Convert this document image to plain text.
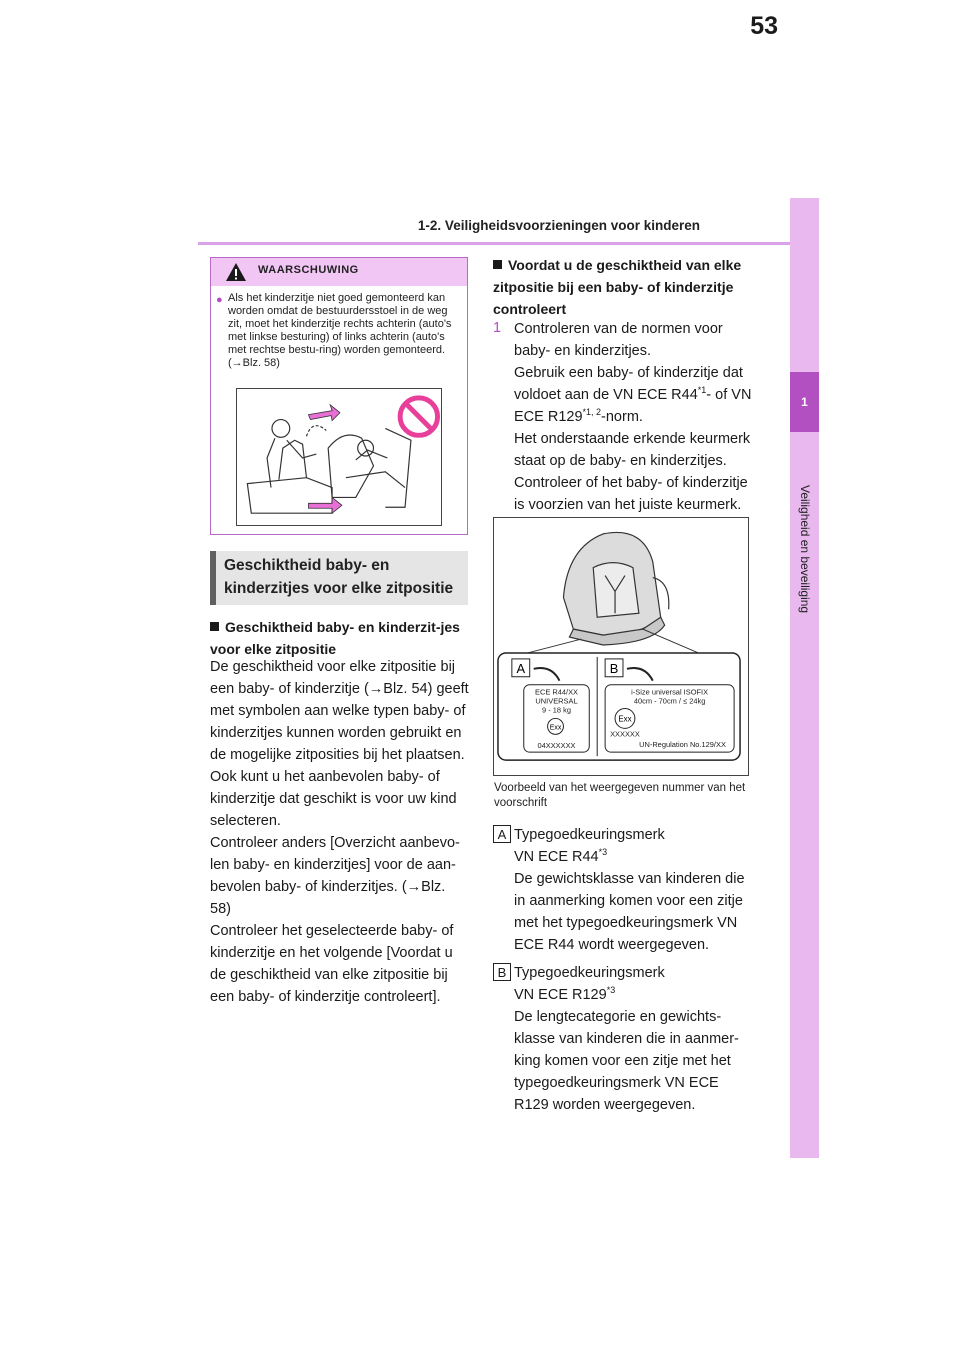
53
1-2. Veiligheidsvoorzieningen voor kinderen
1
Veiligheid en beveiliging
WAARSCHUWING
● Als het kinderzitje niet goed gemonteerd kan worden omdat de bestuurdersstoel in de weg zit, moet het kinderzitje rechts achterin (auto's met linkse besturing) of links achterin (auto's met rechtse bestu-ring) worden gemonteerd. (→Blz. 58)
Geschiktheid baby- en kinderzitjes voor elke zitpositie
Geschiktheid baby- en kinderzit-jes voor elke zitpositie
De geschiktheid voor elke zitpositie bij een baby- of kinderzitje (→Blz. 54) geeft met symbolen aan welke typen baby- of kinderzitjes kunnen worden gebruikt en de mogelijke zitposities bij het plaatsen.
Ook kunt u het aanbevolen baby- of kinderzitje dat geschikt is voor uw kind selecteren.
Controleer anders [Overzicht aanbevo-len baby- en kinderzitjes] voor de aan-bevolen baby- of kinderzitjes. (→Blz. 58)
Controleer het geselecteerde baby- of kinderzitje en het volgende [Voordat u de geschiktheid van elke zitpositie bij een baby- of kinderzitje controleert].
Voordat u de geschiktheid van elke zitpositie bij een baby- of kinderzitje controleert
1 Controleren van de normen voor baby- en kinderzitjes.
Gebruik een baby- of kinderzitje dat voldoet aan de VN ECE R44$^{*1}$- of VN ECE R129$^{*1, 2}$-norm.
Het onderstaande erkende keurmerk staat op de baby- en kinderzitjes. Controleer of het baby- of kinderzitje is voorzien van het juiste keurmerk.
A	B
ECE R44/XX
UNIVERSAL
9 - 18 kg
04XXXXXX
Exx
i-Size universal ISOFIX
40cm - 70cm / ≤ 24kg
XXXXXX
UN-Regulation No.129/XX
Exx
Voorbeeld van het weergegeven nummer van het voorschrift
A Typegoedkeuringsmerk
VN ECE R44$^{*3}$
De gewichtsklasse van kinderen die in aanmerking komen voor een zitje met het typegoedkeuringsmerk VN ECE R44 wordt weergegeven.
B Typegoedkeuringsmerk
VN ECE R129$^{*3}$
De lengtecategorie en gewichts-klasse van kinderen die in aanmer-king komen voor een zitje met het typegoedkeuringsmerk VN ECE R129 worden weergegeven.
